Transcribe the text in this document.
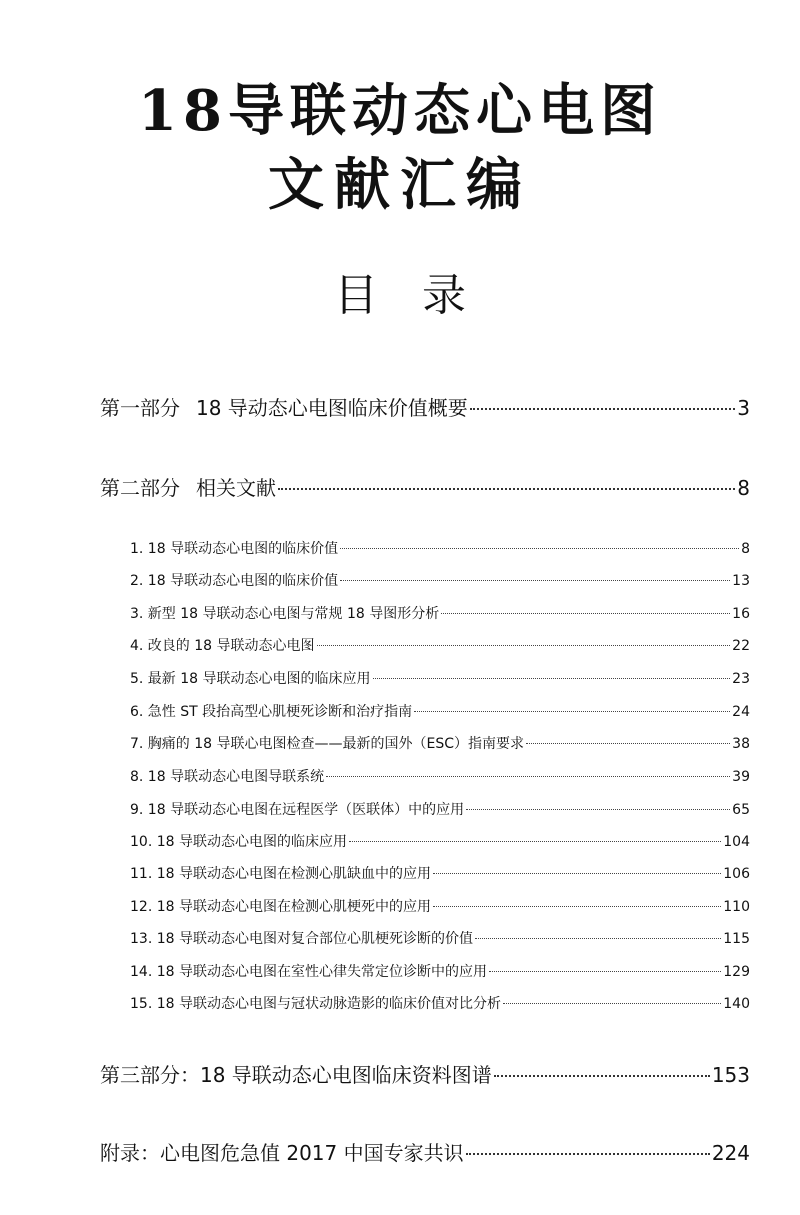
18导联动态心电图
文献汇编
目 录
第一部分 18 导动态心电图临床价值概要	3
第二部分 相关文献	8
1. 18 导联动态心电图的临床价值	8
2. 18 导联动态心电图的临床价值	13
3. 新型 18 导联动态心电图与常规 18 导图形分析	16
4. 改良的 18 导联动态心电图	22
5. 最新 18 导联动态心电图的临床应用	23
6. 急性 ST 段抬高型心肌梗死诊断和治疗指南	24
7. 胸痛的 18 导联心电图检查——最新的国外（ESC）指南要求	38
8. 18 导联动态心电图导联系统	39
9. 18 导联动态心电图在远程医学（医联体）中的应用	65
10. 18 导联动态心电图的临床应用	104
11. 18 导联动态心电图在检测心肌缺血中的应用	106
12. 18 导联动态心电图在检测心肌梗死中的应用	110
13. 18 导联动态心电图对复合部位心肌梗死诊断的价值	115
14. 18 导联动态心电图在室性心律失常定位诊断中的应用	129
15. 18 导联动态心电图与冠状动脉造影的临床价值对比分析	140
第三部分：18 导联动态心电图临床资料图谱	153
附录：心电图危急值 2017 中国专家共识	224
